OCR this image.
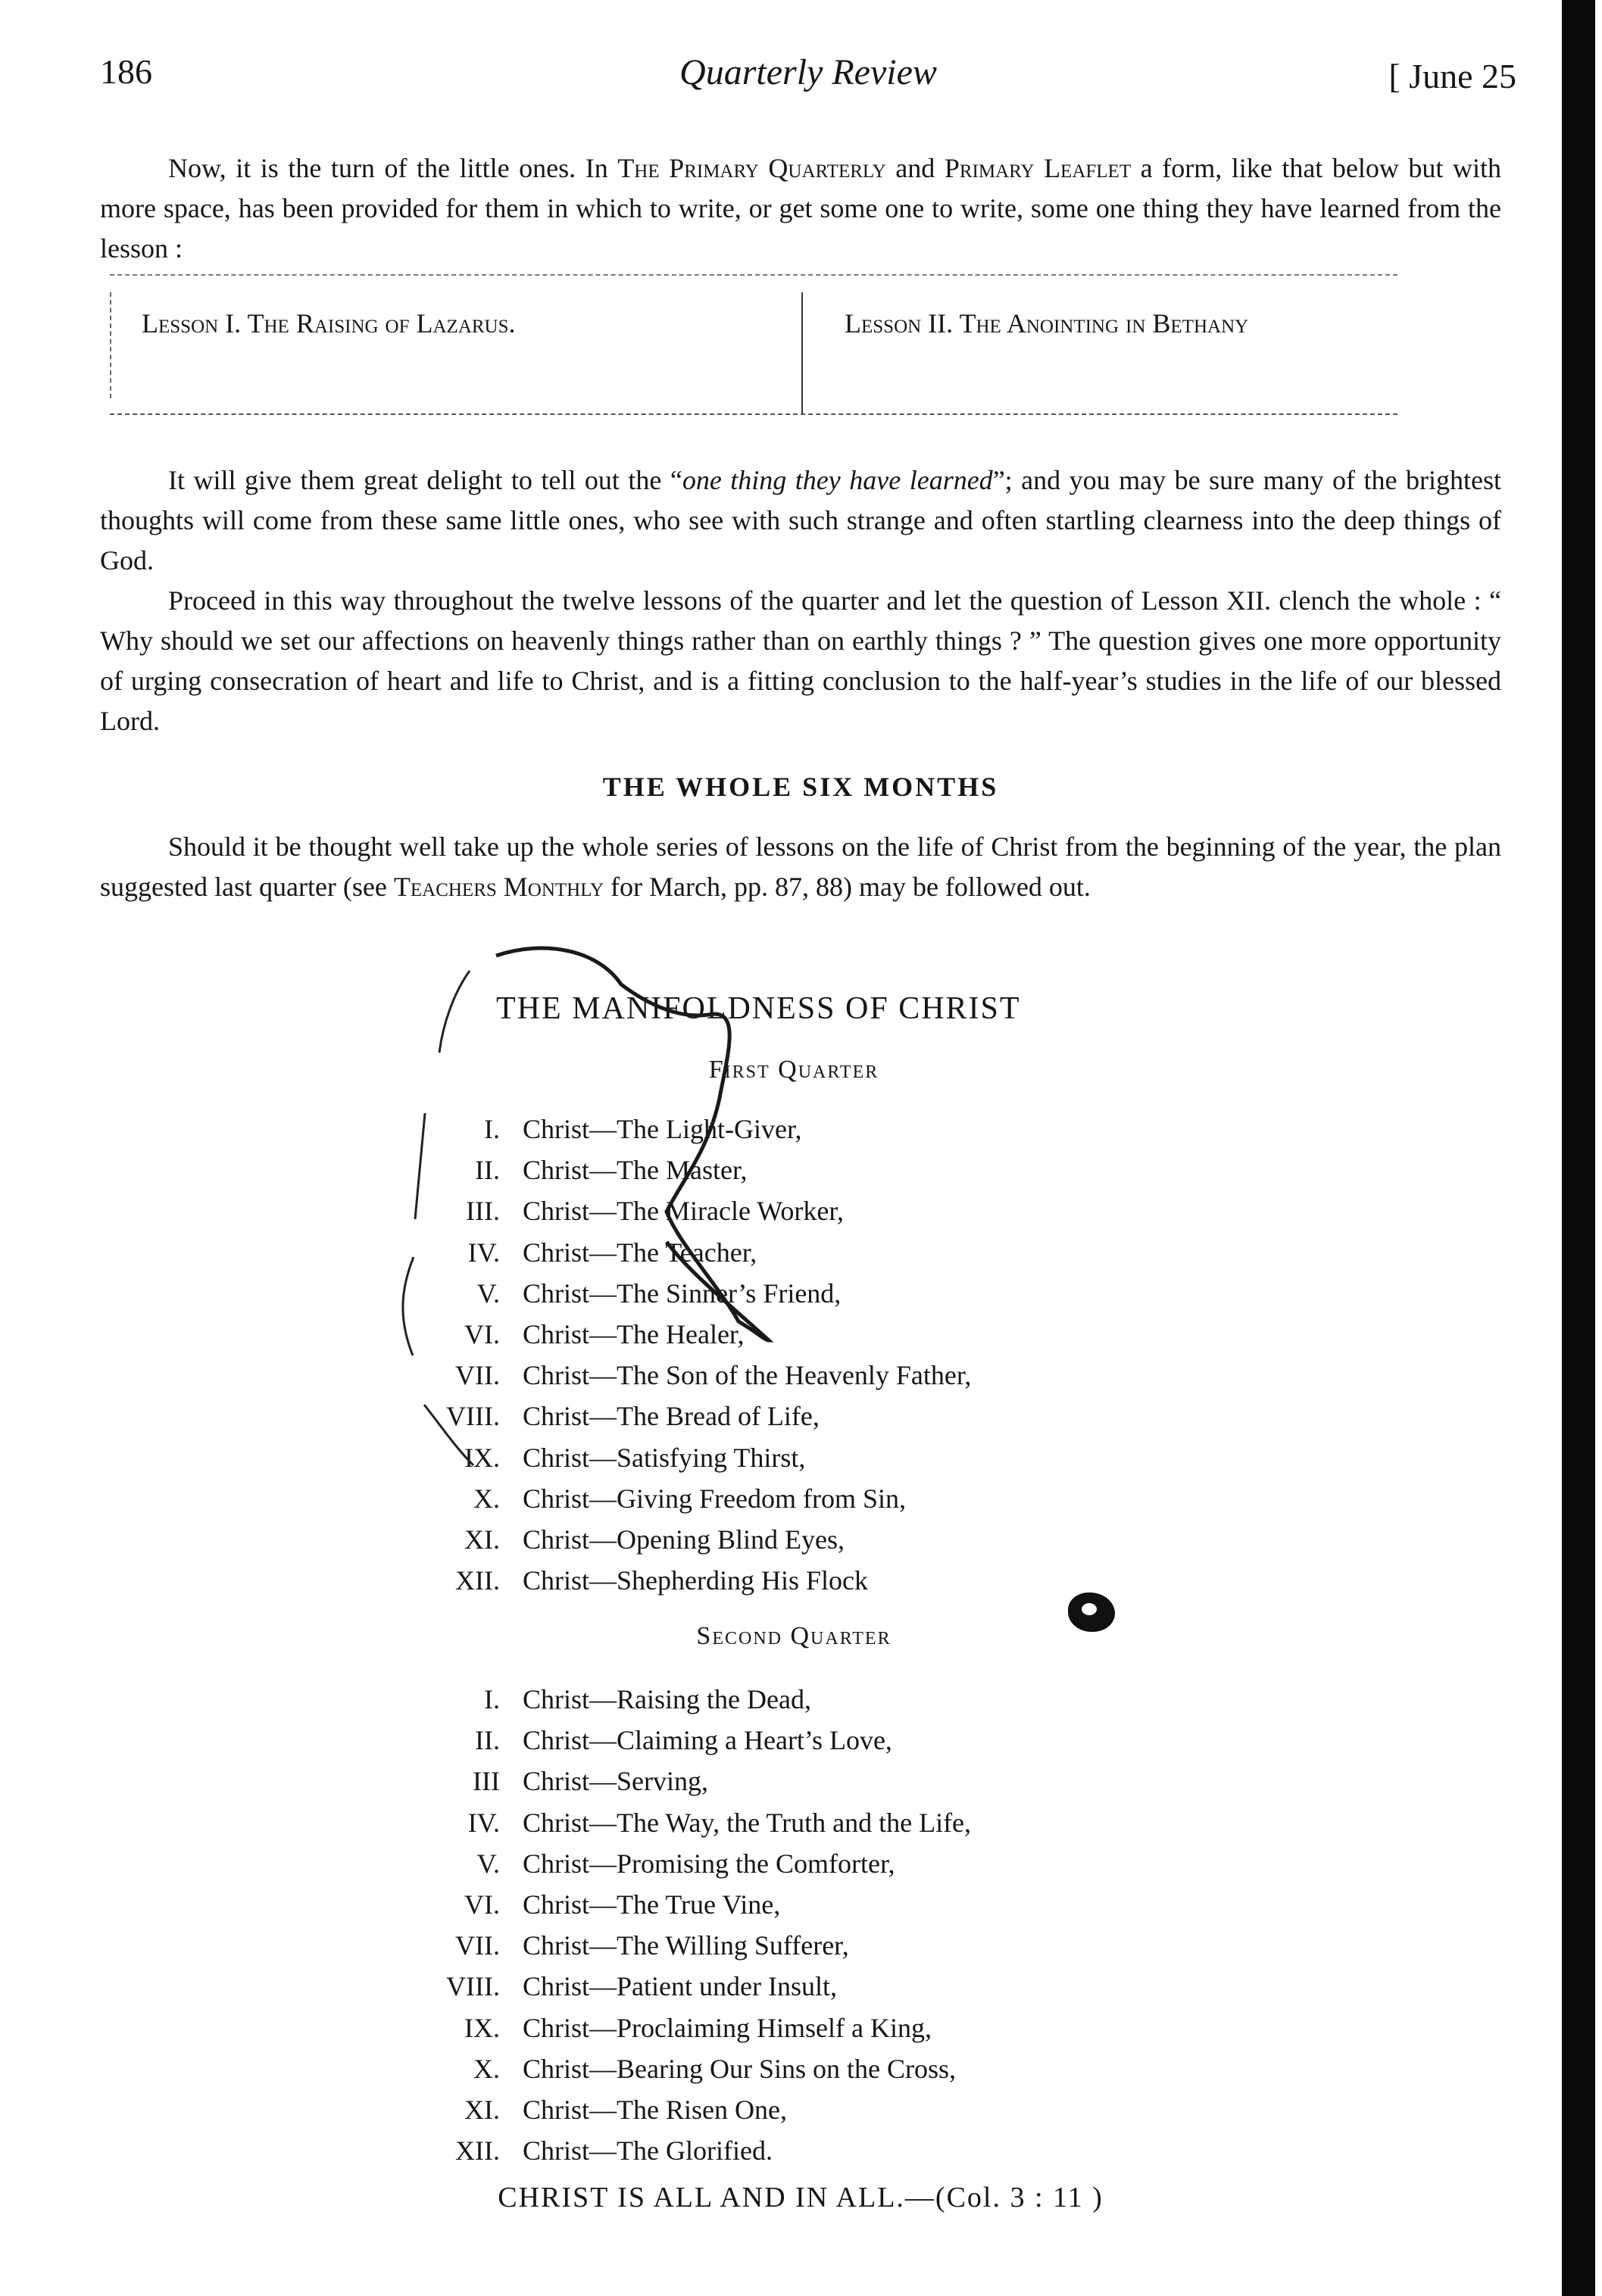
186	Quarterly Review	[ June 25

Now, it is the turn of the little ones. In The Primary Quarterly and Primary Leaflet a form, like that below but with more space, has been provided for them in which to write, or get some one to write, some one thing they have learned from the lesson :

Lesson I. The Raising of Lazarus.	Lesson II. The Anointing in Bethany

It will give them great delight to tell out the “one thing they have learned”; and you may be sure many of the brightest thoughts will come from these same little ones, who see with such strange and often startling clearness into the deep things of God.

Proceed in this way throughout the twelve lessons of the quarter and let the question of Lesson XII. clench the whole : “ Why should we set our affections on heavenly things rather than on earthly things ? ” The question gives one more opportunity of urging consecration of heart and life to Christ, and is a fitting conclusion to the half-year’s studies in the life of our blessed Lord.

THE WHOLE SIX MONTHS

Should it be thought well take up the whole series of lessons on the life of Christ from the beginning of the year, the plan suggested last quarter (see Teachers Monthly for March, pp. 87, 88) may be followed out.

THE MANIFOLDNESS OF CHRIST
First Quarter
I. Christ—The Light-Giver,
II. Christ—The Master,
III. Christ—The Miracle Worker,
IV. Christ—The Teacher,
V. Christ—The Sinner’s Friend,
VI. Christ—The Healer,
VII. Christ—The Son of the Heavenly Father,
VIII. Christ—The Bread of Life,
IX. Christ—Satisfying Thirst,
X. Christ—Giving Freedom from Sin,
XI. Christ—Opening Blind Eyes,
XII. Christ—Shepherding His Flock
Second Quarter
I. Christ—Raising the Dead,
II. Christ—Claiming a Heart’s Love,
III Christ—Serving,
IV. Christ—The Way, the Truth and the Life,
V. Christ—Promising the Comforter,
VI. Christ—The True Vine,
VII. Christ—The Willing Sufferer,
VIII. Christ—Patient under Insult,
IX. Christ—Proclaiming Himself a King,
X. Christ—Bearing Our Sins on the Cross,
XI. Christ—The Risen One,
XII. Christ—The Glorified.
CHRIST IS ALL AND IN ALL.—(Col. 3 : 11 )
